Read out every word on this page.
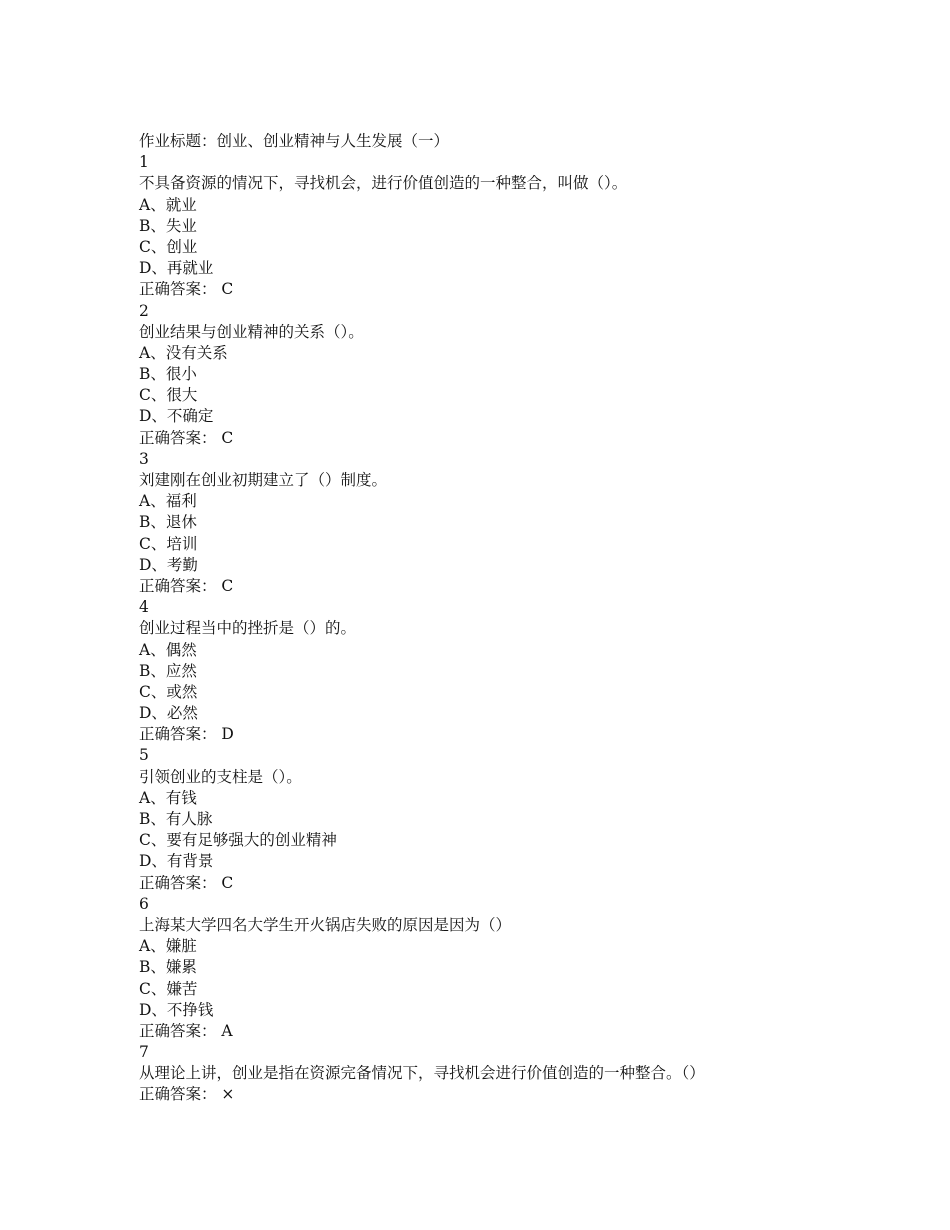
作业标题：创业、创业精神与人生发展（一）
1
不具备资源的情况下，寻找机会，进行价值创造的一种整合，叫做（）。
A、就业
B、失业
C、创业
D、再就业
正确答案： C
2
创业结果与创业精神的关系（）。
A、没有关系
B、很小
C、很大
D、不确定
正确答案： C
3
刘建刚在创业初期建立了（）制度。
A、福利
B、退休
C、培训
D、考勤
正确答案： C
4
创业过程当中的挫折是（）的。
A、偶然
B、应然
C、或然
D、必然
正确答案： D
5
引领创业的支柱是（）。
A、有钱
B、有人脉
C、要有足够强大的创业精神
D、有背景
正确答案： C
6
上海某大学四名大学生开火锅店失败的原因是因为（）
A、嫌脏
B、嫌累
C、嫌苦
D、不挣钱
正确答案： A
7
从理论上讲，创业是指在资源完备情况下，寻找机会进行价值创造的一种整合。（）
正确答案： ×
